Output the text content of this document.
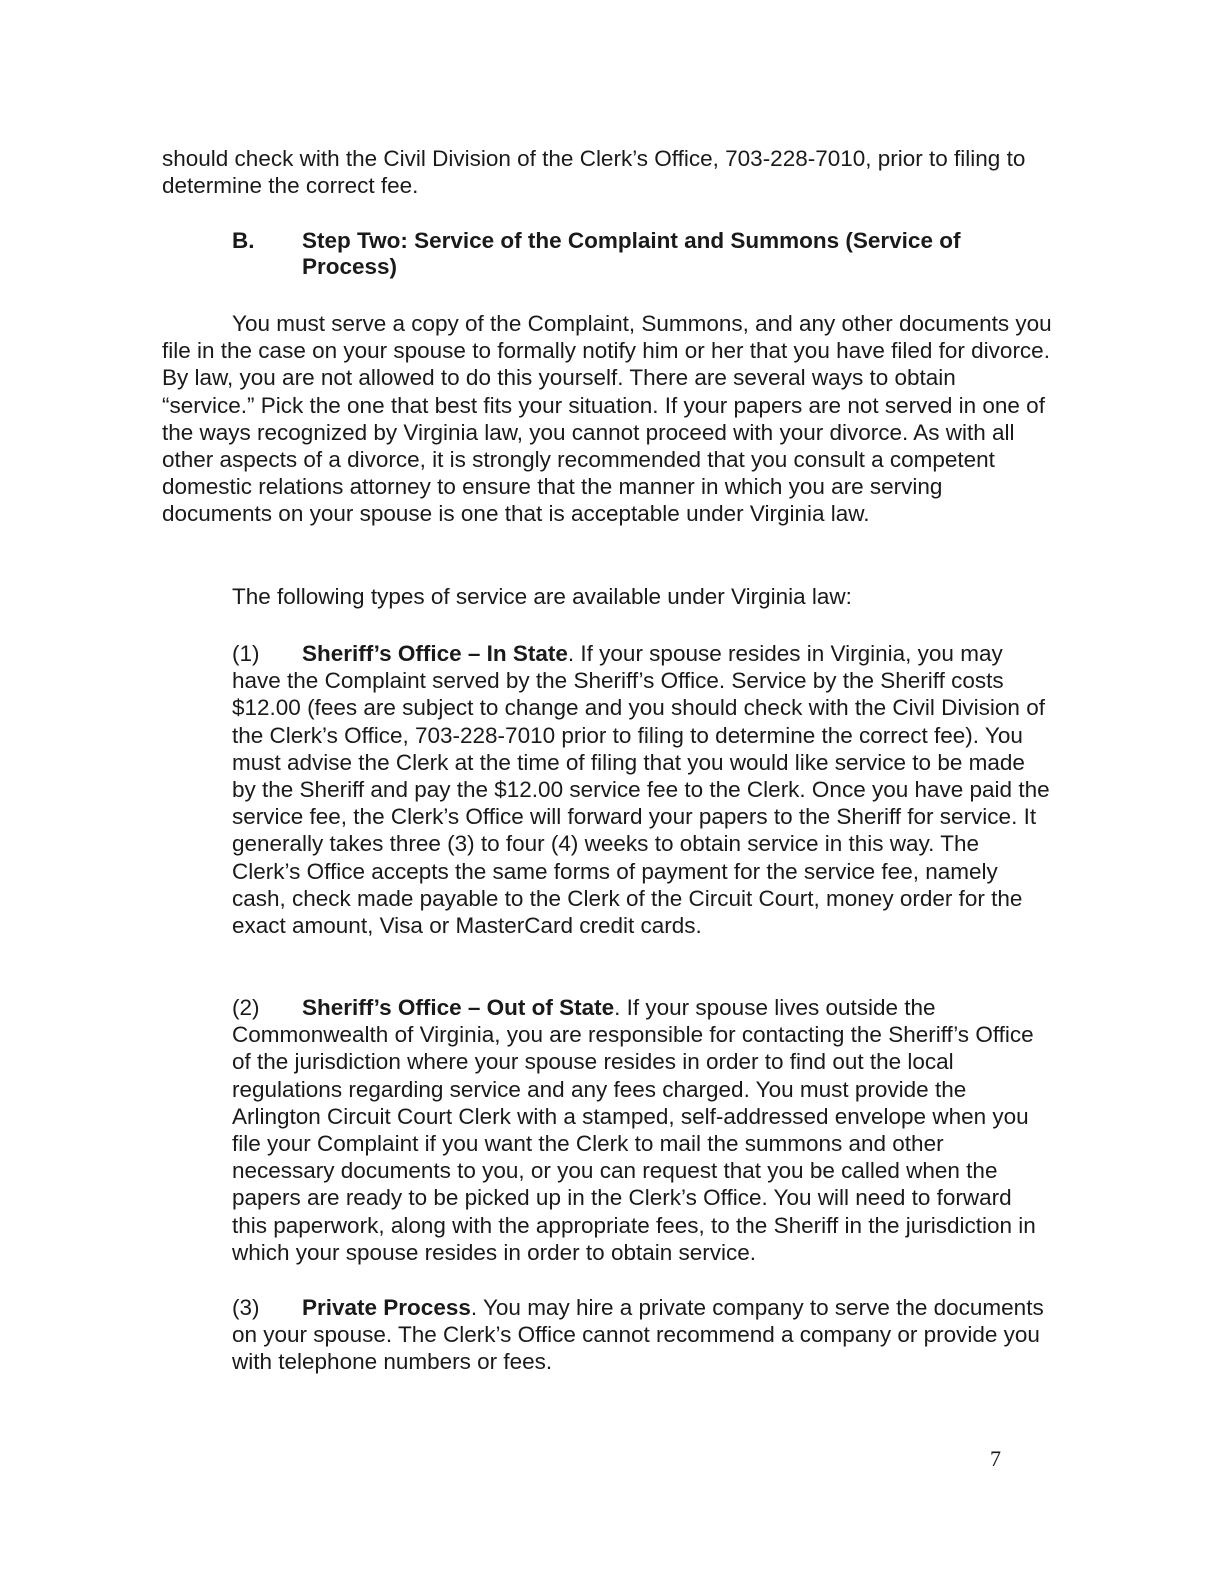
should check with the Civil Division of the Clerk’s Office, 703-228-7010, prior to filing to determine the correct fee.

B. Step Two: Service of the Complaint and Summons (Service of Process)

You must serve a copy of the Complaint, Summons, and any other documents you file in the case on your spouse to formally notify him or her that you have filed for divorce. By law, you are not allowed to do this yourself. There are several ways to obtain “service.” Pick the one that best fits your situation. If your papers are not served in one of the ways recognized by Virginia law, you cannot proceed with your divorce. As with all other aspects of a divorce, it is strongly recommended that you consult a competent domestic relations attorney to ensure that the manner in which you are serving documents on your spouse is one that is acceptable under Virginia law.

The following types of service are available under Virginia law:

(1) Sheriff’s Office – In State. If your spouse resides in Virginia, you may have the Complaint served by the Sheriff’s Office. Service by the Sheriff costs $12.00 (fees are subject to change and you should check with the Civil Division of the Clerk’s Office, 703-228-7010 prior to filing to determine the correct fee). You must advise the Clerk at the time of filing that you would like service to be made by the Sheriff and pay the $12.00 service fee to the Clerk. Once you have paid the service fee, the Clerk’s Office will forward your papers to the Sheriff for service. It generally takes three (3) to four (4) weeks to obtain service in this way. The Clerk’s Office accepts the same forms of payment for the service fee, namely cash, check made payable to the Clerk of the Circuit Court, money order for the exact amount, Visa or MasterCard credit cards.

(2) Sheriff’s Office – Out of State. If your spouse lives outside the Commonwealth of Virginia, you are responsible for contacting the Sheriff’s Office of the jurisdiction where your spouse resides in order to find out the local regulations regarding service and any fees charged. You must provide the Arlington Circuit Court Clerk with a stamped, self-addressed envelope when you file your Complaint if you want the Clerk to mail the summons and other necessary documents to you, or you can request that you be called when the papers are ready to be picked up in the Clerk’s Office. You will need to forward this paperwork, along with the appropriate fees, to the Sheriff in the jurisdiction in which your spouse resides in order to obtain service.

(3) Private Process. You may hire a private company to serve the documents on your spouse. The Clerk’s Office cannot recommend a company or provide you with telephone numbers or fees.

7
